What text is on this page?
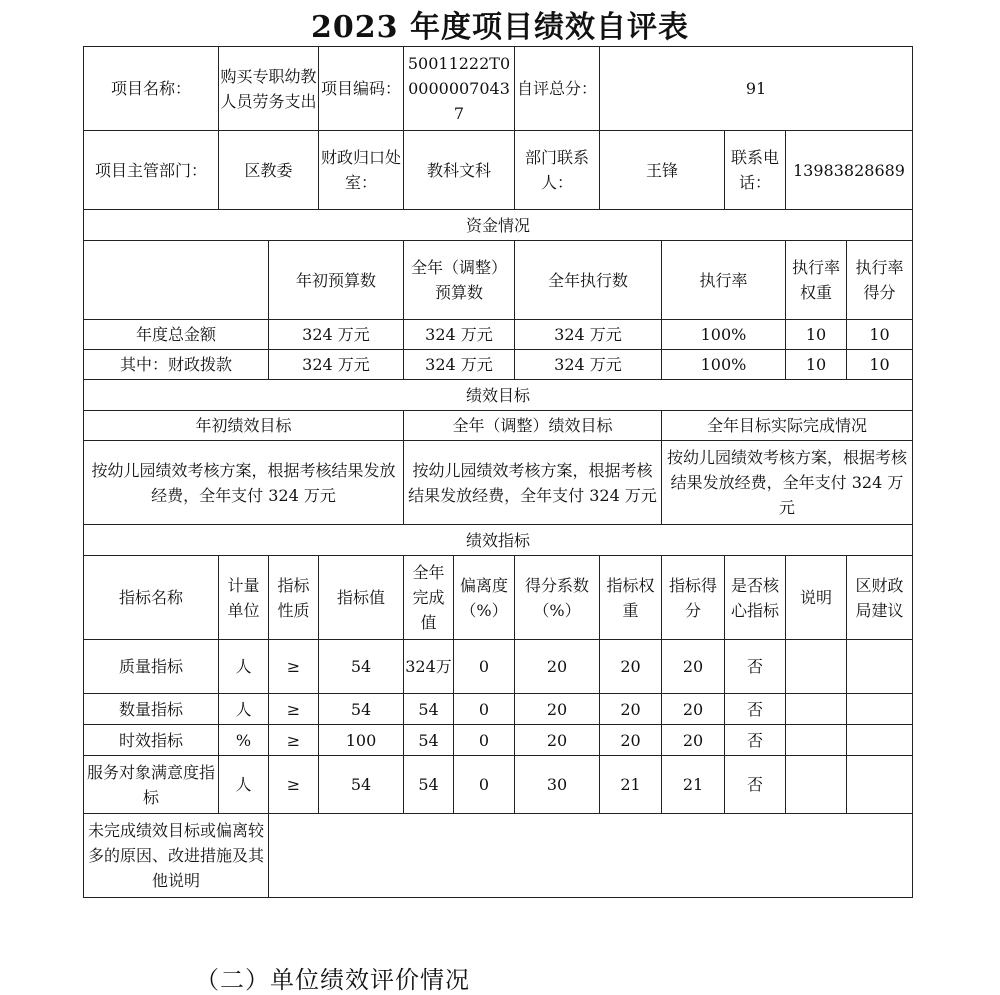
2023 年度项目绩效自评表
项目名称：	购买专职幼教人员劳务支出		项目编码：	50011222T000000070437		自评总分：	91				
项目主管部门：	区教委		财政归口处室：	教科文科		部门联系人：	王锋		联系电话：	13983828689	
资金情况											
		年初预算数		全年（调整）预算数		全年执行数		执行率		执行率权重	执行率得分
年度总金额		324 万元		324 万元		324 万元		100%		10	10
其中：财政拨款		324 万元		324 万元		324 万元		100%		10	10
绩效目标											
年初绩效目标				全年（调整）绩效目标				全年目标实际完成情况			
按幼儿园绩效考核方案，根据考核结果发放经费，全年支付 324 万元				按幼儿园绩效考核方案，根据考核结果发放经费，全年支付 324 万元				按幼儿园绩效考核方案，根据考核结果发放经费，全年支付 324 万元			
绩效指标											
指标名称	计量单位	指标性质	指标值	全年完成值	偏离度（%）	得分系数（%）	指标权重	指标得分	是否核心指标	说明	区财政局建议
质量指标	人	≥	54	324万	0	20	20	20	否		
数量指标	人	≥	54	54	0	20	20	20	否		
时效指标	%	≥	100	54	0	20	20	20	否		
服务对象满意度指标	人	≥	54	54	0	30	21	21	否		
未完成绩效目标或偏离较多的原因、改进措施及其他说明											
（二）单位绩效评价情况
